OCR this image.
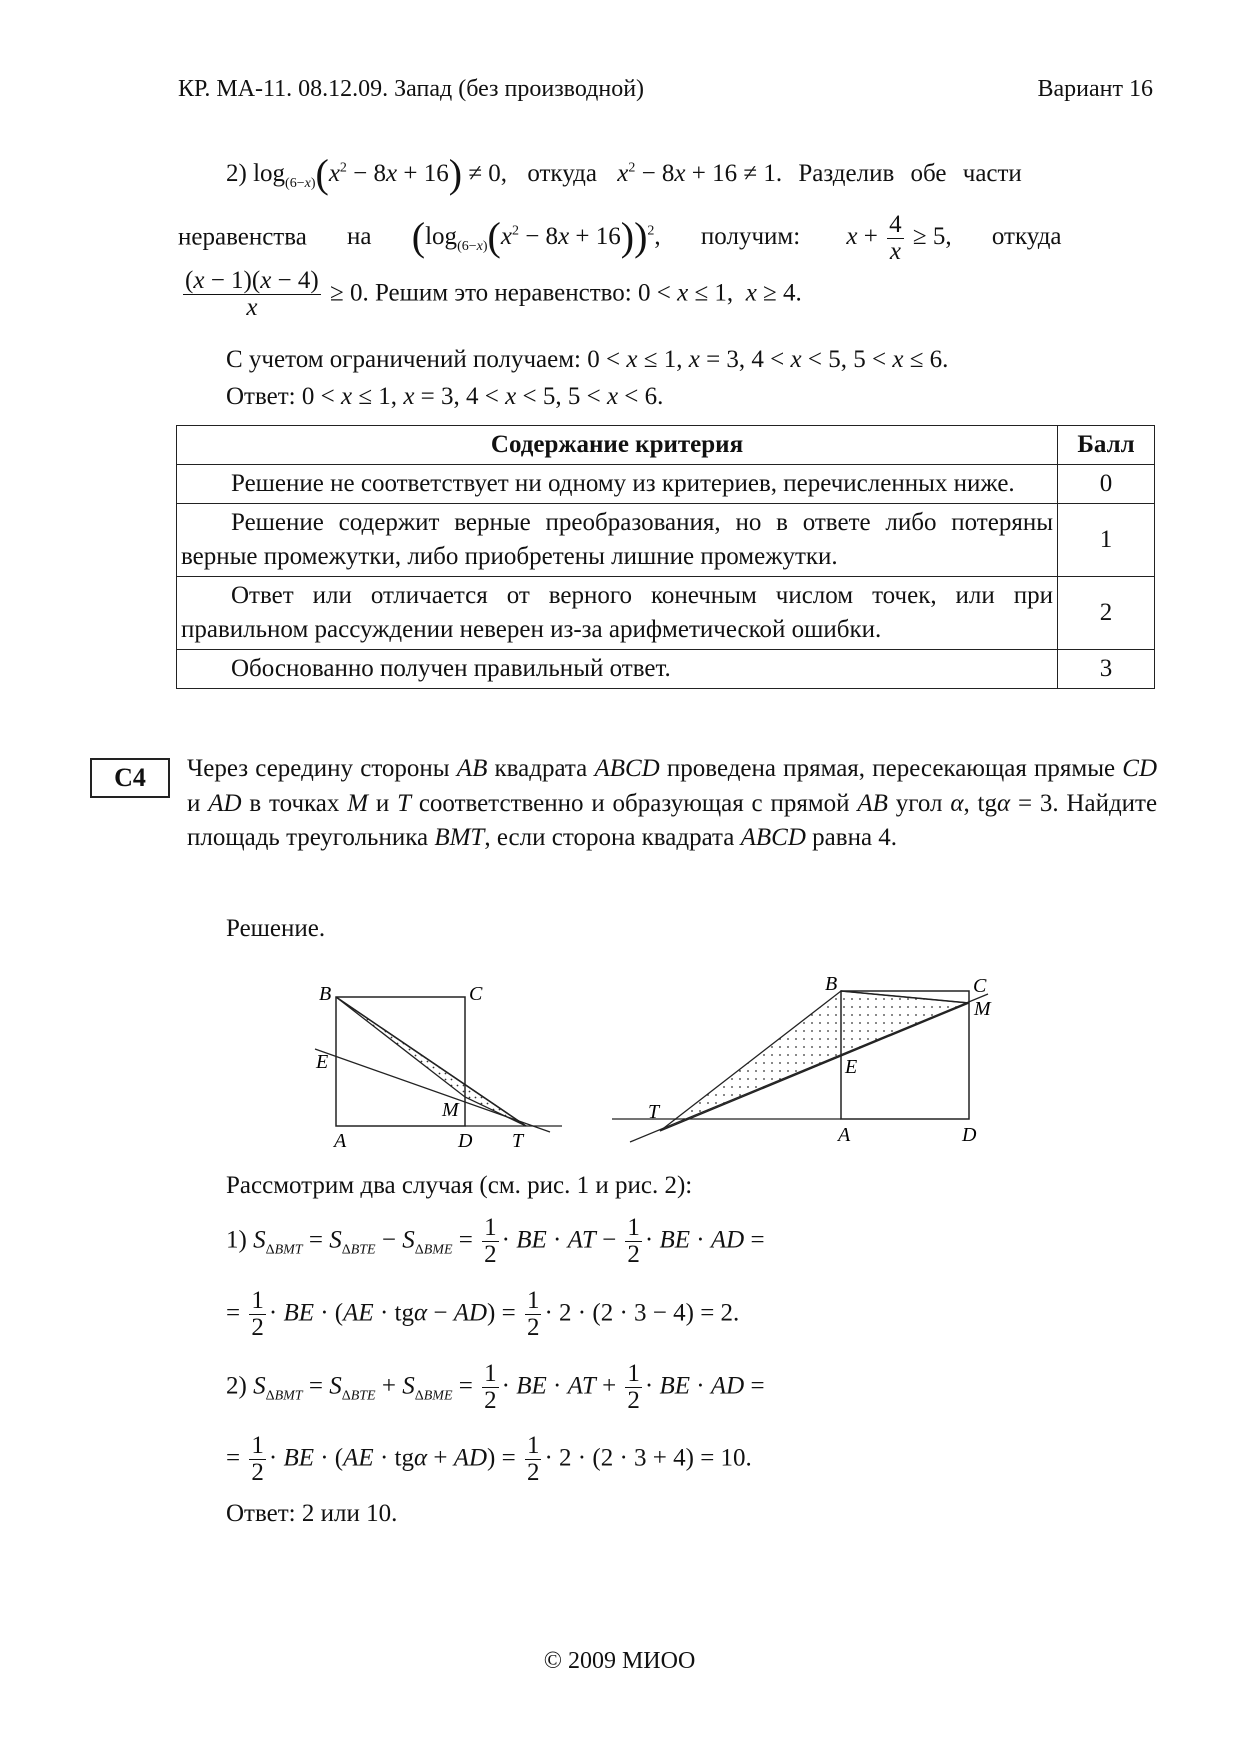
КР. МА-11. 08.12.09. Запад (без производной)	Вариант 16
2) $\log_{(6-x)}(x^2 - 8x + 16) \ne 0$, откуда $x^2 - 8x + 16 \ne 1$. Разделив обе части
неравенства на $(\log_{(6-x)}(x^2 - 8x + 16))^2$, получим: $x + \frac{4}{x} \ge 5$, откуда
$\frac{(x - 1)(x - 4)}{x} \ge 0$. Решим это неравенство: 0 < x ≤ 1,  x ≥ 4.
С учетом ограничений получаем: 0 < x ≤ 1, x = 3, 4 < x < 5, 5 < x ≤ 6.
Ответ: 0 < x ≤ 1, x = 3, 4 < x < 5, 5 < x < 6.
Содержание критерия	Балл
Решение не соответствует ни одному из критериев, перечисленных ниже.	0
Решение содержит верные преобразования, но в ответе либо потеряны верные промежутки, либо приобретены лишние промежутки.	1
Ответ или отличается от верного конечным числом точек, или при правильном рассуждении неверен из-за арифметической ошибки.	2
Обоснованно получен правильный ответ.	3
С4	Через середину стороны AB квадрата ABCD проведена прямая, пересекающая прямые CD и AD в точках M и T соответственно и образующая с прямой AB угол α, tgα = 3. Найдите площадь треугольника BMT, если сторона квадрата ABCD равна 4.
Решение.
B	C
E
M
A	D T
B	C
M
E
T
A	D
Рассмотрим два случая (см. рис. 1 и рис. 2):
1) $S_{\Delta BMT} = S_{\Delta BTE} - S_{\Delta BME} = \frac{1}{2}$ · BE · AT − $\frac{1}{2}$ · BE · AD =
= $\frac{1}{2}$ · BE · $(AE \cdot tg\alpha - AD) = \frac{1}{2} \cdot 2 \cdot (2 \cdot 3 - 4) = 2$.
2) $S_{\Delta BMT} = S_{\Delta BTE} + S_{\Delta BME} = \frac{1}{2}$ · BE · AT + $\frac{1}{2}$ · BE · AD =
= $\frac{1}{2}$ · BE · $(AE \cdot tg\alpha + AD) = \frac{1}{2} \cdot 2 \cdot (2 \cdot 3 + 4) = 10$.
Ответ: 2 или 10.
© 2009 МИОО
